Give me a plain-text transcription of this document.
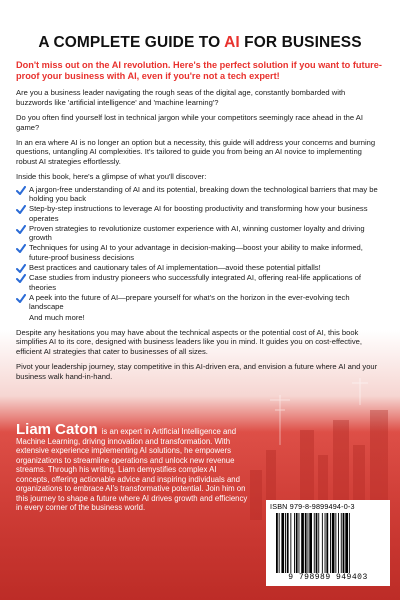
A COMPLETE GUIDE TO AI FOR BUSINESS

Don't miss out on the AI revolution. Here's the perfect solution if you want to future-proof your business with AI, even if you're not a tech expert!

Are you a business leader navigating the rough seas of the digital age, constantly bombarded with buzzwords like 'artificial intelligence' and 'machine learning'?

Do you often find yourself lost in technical jargon while your competitors seemingly race ahead in the AI game?

In an era where AI is no longer an option but a necessity, this guide will address your concerns and burning questions, untangling AI complexities. It's tailored to guide you from being an AI novice to implementing robust AI strategies effortlessly.

Inside this book, here's a glimpse of what you'll discover:

A jargon-free understanding of AI and its potential, breaking down the technological barriers that may be holding you back
Step-by-step instructions to leverage AI for boosting productivity and transforming how your business operates
Proven strategies to revolutionize customer experience with AI, winning customer loyalty and driving growth
Techniques for using AI to your advantage in decision-making—boost your ability to make informed, future-proof business decisions
Best practices and cautionary tales of AI implementation—avoid these potential pitfalls!
Case studies from industry pioneers who successfully integrated AI, offering real-life applications of theories
A peek into the future of AI—prepare yourself for what's on the horizon in the ever-evolving tech landscape
And much more!

Despite any hesitations you may have about the technical aspects or the potential cost of AI, this book simplifies AI to its core, designed with business leaders like you in mind. It guides you on cost-effective, efficient AI strategies that cater to businesses of all sizes.

Pivot your leadership journey, stay competitive in this AI-driven era, and envision a future where AI and your business walk hand-in-hand.

Liam Caton is an expert in Artificial Intelligence and Machine Learning, driving innovation and transformation. With extensive experience implementing AI solutions, he empowers organizations to streamline operations and unlock new revenue streams. Through his writing, Liam demystifies complex AI concepts, offering actionable advice and inspiring individuals and organizations to embrace AI's transformative potential. Join him on this journey to shape a future where AI drives growth and efficiency in every corner of the business world.	ISBN 979-8-9899494-0-3
9 798989 949403
